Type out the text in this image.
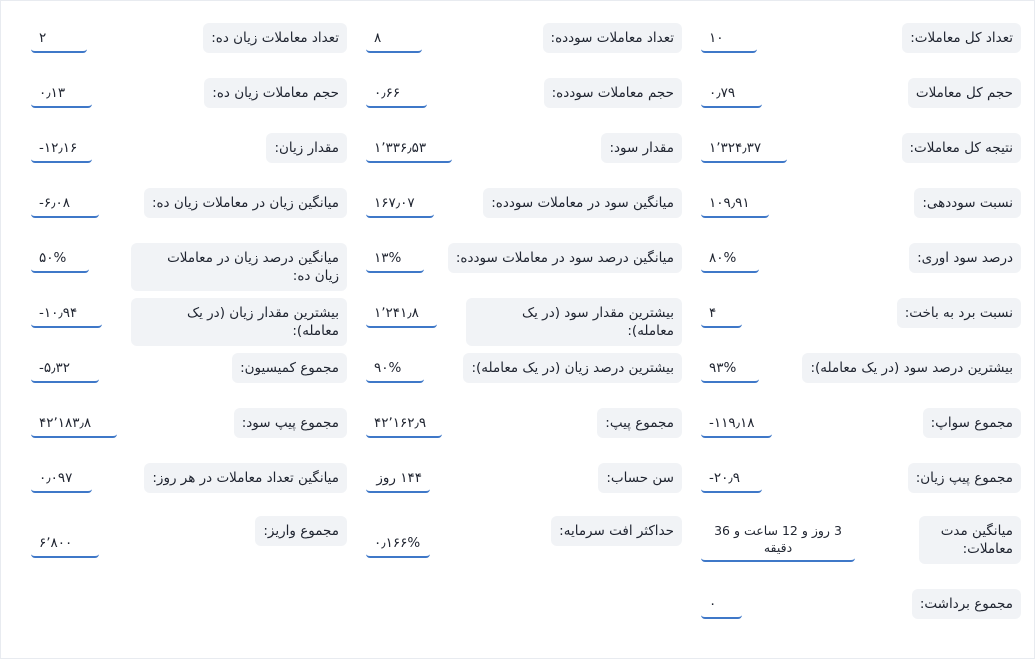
تعداد کل معاملات:
۱۰
تعداد معاملات سودده:
۸
تعداد معاملات زیان ده:
۲
حجم کل معاملات
۰٫۷۹
حجم معاملات سودده:
۰٫۶۶
حجم معاملات زیان ده:
۰٫۱۳
نتیجه کل معاملات:
۱٬۳۲۴٫۳۷
مقدار سود:
۱٬۳۳۶٫۵۳
مقدار زیان:
-۱۲٫۱۶
نسبت سوددهی:
۱۰۹٫۹۱
میانگین سود در معاملات سودده:
۱۶۷٫۰۷
میانگین زیان در معاملات زیان ده:
-۶٫۰۸
درصد سود اوری:
۸۰%
میانگین درصد سود در معاملات سودده:
۱۳%
میانگین درصد زیان در معاملات زیان ده:
۵۰%
نسبت برد به باخت:
۴
بیشترین مقدار سود (در یک معامله):
۱٬۲۴۱٫۸
بیشترین مقدار زیان (در یک معامله):
-۱۰٫۹۴
بیشترین درصد سود (در یک معامله):
۹۳%
بیشترین درصد زیان (در یک معامله):
۹۰%
مجموع کمیسیون:
-۵٫۳۲
مجموع سواپ:
-۱۱۹٫۱۸
مجموع پیپ:
۴۲٬۱۶۲٫۹
مجموع پیپ سود:
۴۲٬۱۸۳٫۸
مجموع پیپ زیان:
-۲۰٫۹
سن حساب:
۱۴۴ روز
میانگین تعداد معاملات در هر روز:
۰٫۰۹۷
میانگین مدت معاملات:
3 روز و 12 ساعت و 36 دقیقه
حداکثر افت سرمایه:
۰٫۱۶۶%
مجموع واریز:
۶٬۸۰۰
مجموع برداشت:
۰
